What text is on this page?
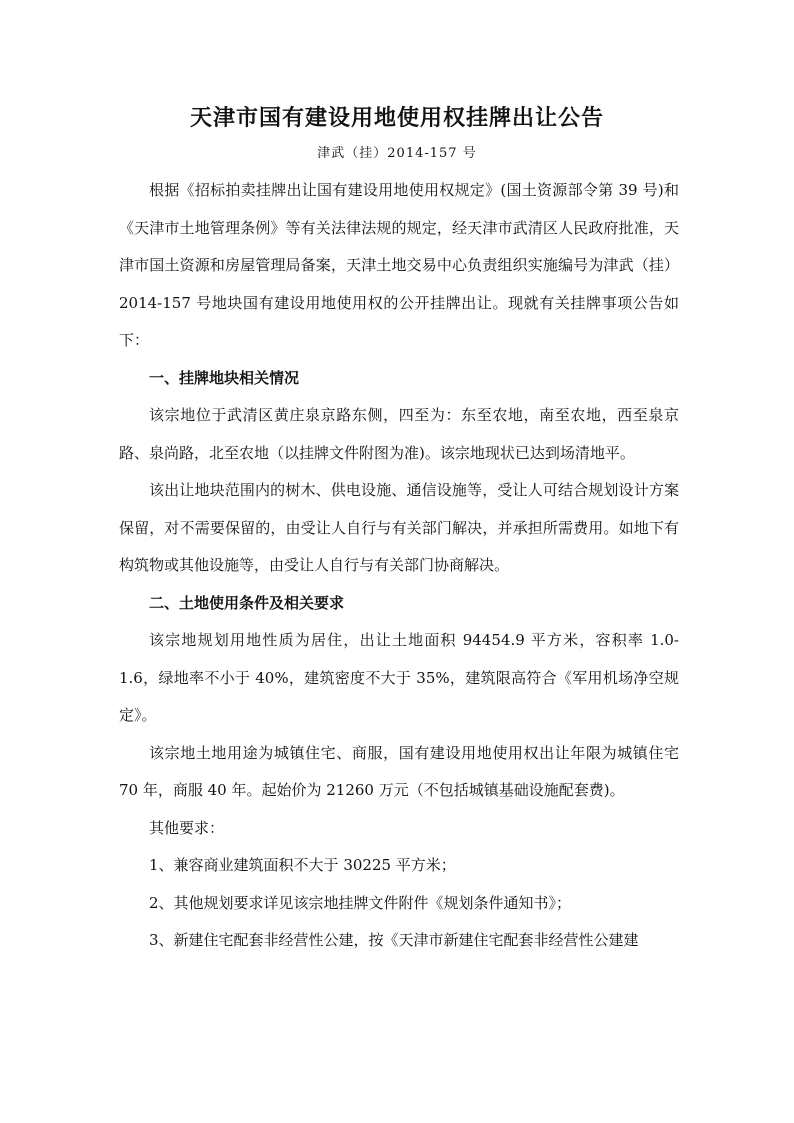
天津市国有建设用地使用权挂牌出让公告
津武（挂）2014-157 号

根据《招标拍卖挂牌出让国有建设用地使用权规定》(国土资源部令第 39 号)和《天津市土地管理条例》等有关法律法规的规定，经天津市武清区人民政府批准，天津市国土资源和房屋管理局备案，天津土地交易中心负责组织实施编号为津武（挂）2014-157 号地块国有建设用地使用权的公开挂牌出让。现就有关挂牌事项公告如下：

一、挂牌地块相关情况

该宗地位于武清区黄庄泉京路东侧，四至为：东至农地，南至农地，西至泉京路、泉尚路，北至农地（以挂牌文件附图为准)。该宗地现状已达到场清地平。

该出让地块范围内的树木、供电设施、通信设施等，受让人可结合规划设计方案保留，对不需要保留的，由受让人自行与有关部门解决，并承担所需费用。如地下有构筑物或其他设施等，由受让人自行与有关部门协商解决。

二、土地使用条件及相关要求

该宗地规划用地性质为居住，出让土地面积 94454.9 平方米，容积率 1.0-1.6，绿地率不小于 40%，建筑密度不大于 35%，建筑限高符合《军用机场净空规定》。

该宗地土地用途为城镇住宅、商服，国有建设用地使用权出让年限为城镇住宅 70 年，商服 40 年。起始价为 21260 万元（不包括城镇基础设施配套费)。

其他要求：

1、兼容商业建筑面积不大于 30225 平方米；

2、其他规划要求详见该宗地挂牌文件附件《规划条件通知书》；

3、新建住宅配套非经营性公建，按《天津市新建住宅配套非经营性公建建
